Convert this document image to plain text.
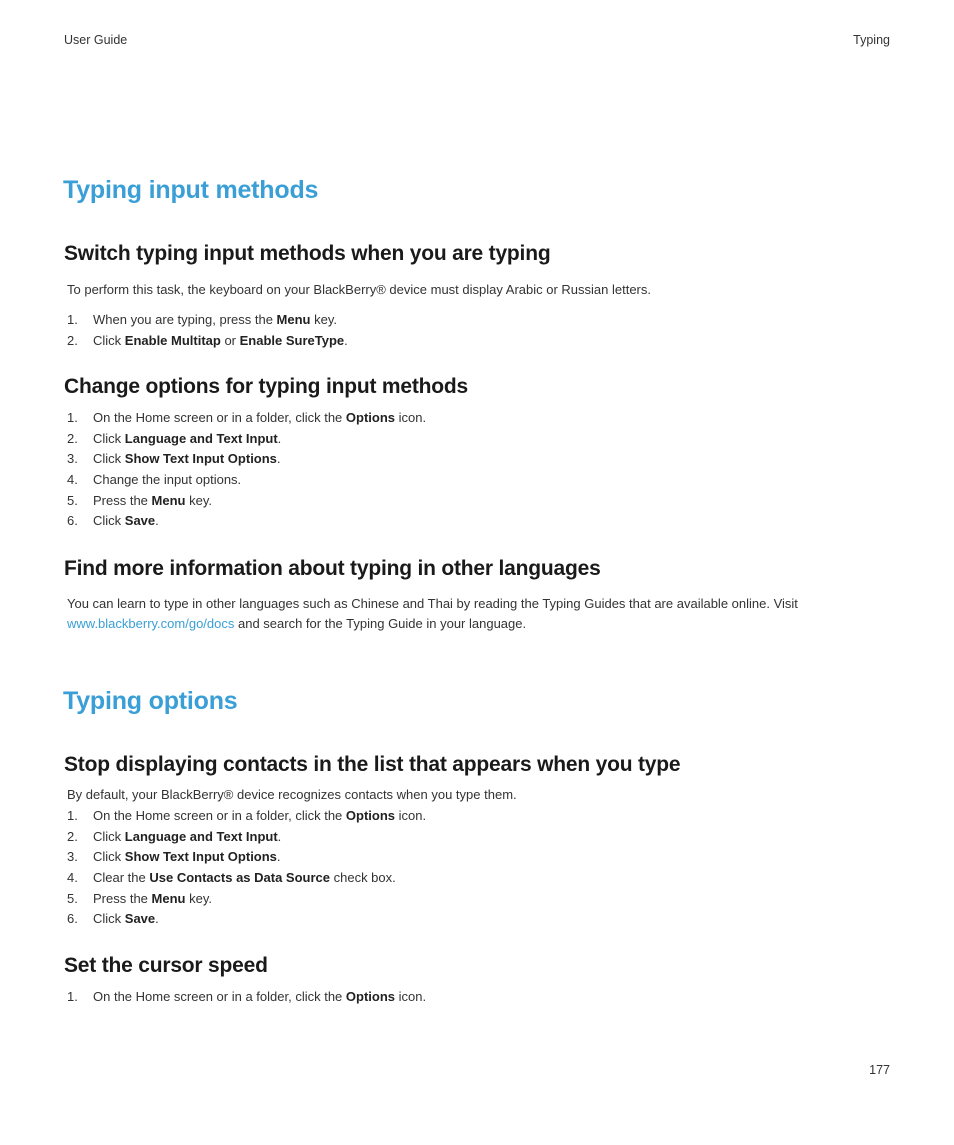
User Guide	Typing
Typing input methods
Switch typing input methods when you are typing

To perform this task, the keyboard on your BlackBerry® device must display Arabic or Russian letters.

1. When you are typing, press the Menu key.
2. Click Enable Multitap or Enable SureType.
Change options for typing input methods
1. On the Home screen or in a folder, click the Options icon.
2. Click Language and Text Input.
3. Click Show Text Input Options.
4. Change the input options.
5. Press the Menu key.
6. Click Save.
Find more information about typing in other languages

You can learn to type in other languages such as Chinese and Thai by reading the Typing Guides that are available online. Visit
www.blackberry.com/go/docs and search for the Typing Guide in your language.

Typing options
Stop displaying contacts in the list that appears when you type

By default, your BlackBerry® device recognizes contacts when you type them.

1. On the Home screen or in a folder, click the Options icon.
2. Click Language and Text Input.
3. Click Show Text Input Options.
4. Clear the Use Contacts as Data Source check box.
5. Press the Menu key.
6. Click Save.
Set the cursor speed
1. On the Home screen or in a folder, click the Options icon.
177
